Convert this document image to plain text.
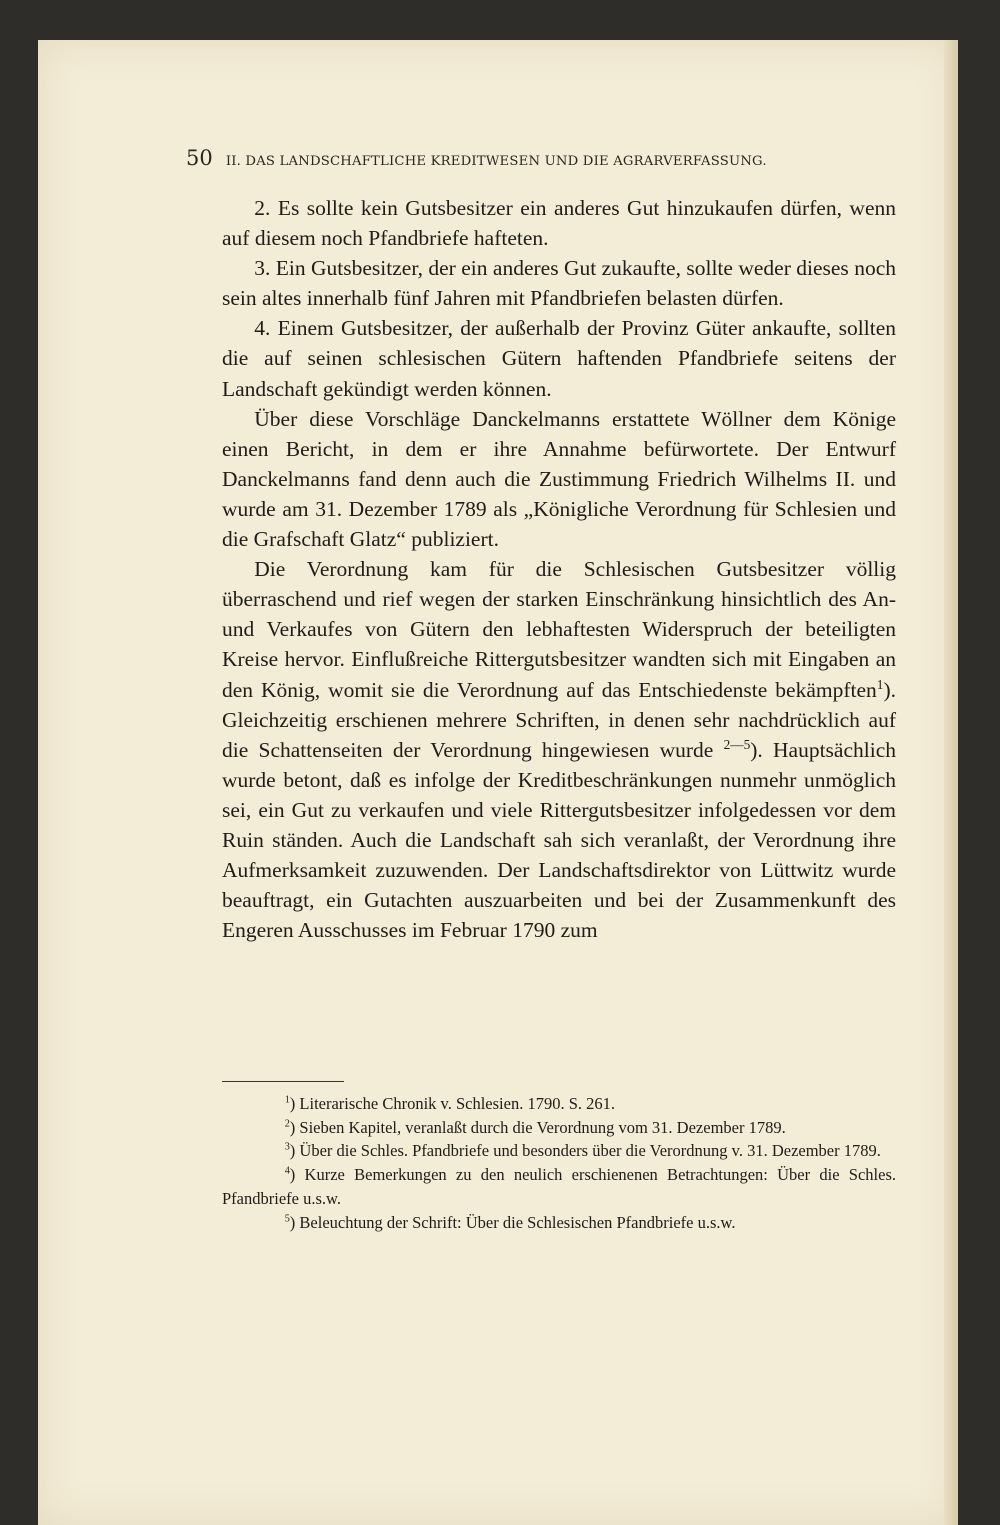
50 II. DAS LANDSCHAFTLICHE KREDITWESEN UND DIE AGRARVERFASSUNG.

2. Es sollte kein Gutsbesitzer ein anderes Gut hinzukaufen dürfen, wenn auf diesem noch Pfandbriefe hafteten.

3. Ein Gutsbesitzer, der ein anderes Gut zukaufte, sollte weder dieses noch sein altes innerhalb fünf Jahren mit Pfandbriefen belasten dürfen.

4. Einem Gutsbesitzer, der außerhalb der Provinz Güter ankaufte, sollten die auf seinen schlesischen Gütern haftenden Pfandbriefe seitens der Landschaft gekündigt werden können.

Über diese Vorschläge Danckelmanns erstattete Wöllner dem Könige einen Bericht, in dem er ihre Annahme befürwortete. Der Entwurf Danckelmanns fand denn auch die Zustimmung Friedrich Wilhelms II. und wurde am 31. Dezember 1789 als „Königliche Verordnung für Schlesien und die Grafschaft Glatz“ publiziert.

Die Verordnung kam für die Schlesischen Gutsbesitzer völlig überraschend und rief wegen der starken Einschränkung hinsichtlich des An- und Verkaufes von Gütern den lebhaftesten Widerspruch der beteiligten Kreise hervor. Einflußreiche Rittergutsbesitzer wandten sich mit Eingaben an den König, womit sie die Verordnung auf das Entschiedenste bekämpften$^1$). Gleichzeitig erschienen mehrere Schriften, in denen sehr nachdrücklich auf die Schattenseiten der Verordnung hingewiesen wurde $^{2—5}$). Hauptsächlich wurde betont, daß es infolge der Kreditbeschränkungen nunmehr unmöglich sei, ein Gut zu verkaufen und viele Rittergutsbesitzer infolgedessen vor dem Ruin ständen. Auch die Landschaft sah sich veranlaßt, der Verordnung ihre Aufmerksamkeit zuzuwenden. Der Landschaftsdirektor von Lüttwitz wurde beauftragt, ein Gutachten auszuarbeiten und bei der Zusammenkunft des Engeren Ausschusses im Februar 1790 zum

$^1$) Literarische Chronik v. Schlesien. 1790. S. 261.

$^2$) Sieben Kapitel, veranlaßt durch die Verordnung vom 31. Dezember 1789.

$^3$) Über die Schles. Pfandbriefe und besonders über die Verordnung v. 31. Dezember 1789.

$^4$) Kurze Bemerkungen zu den neulich erschienenen Betrachtungen: Über die Schles. Pfandbriefe u.s.w.

$^5$) Beleuchtung der Schrift: Über die Schlesischen Pfandbriefe u.s.w.
